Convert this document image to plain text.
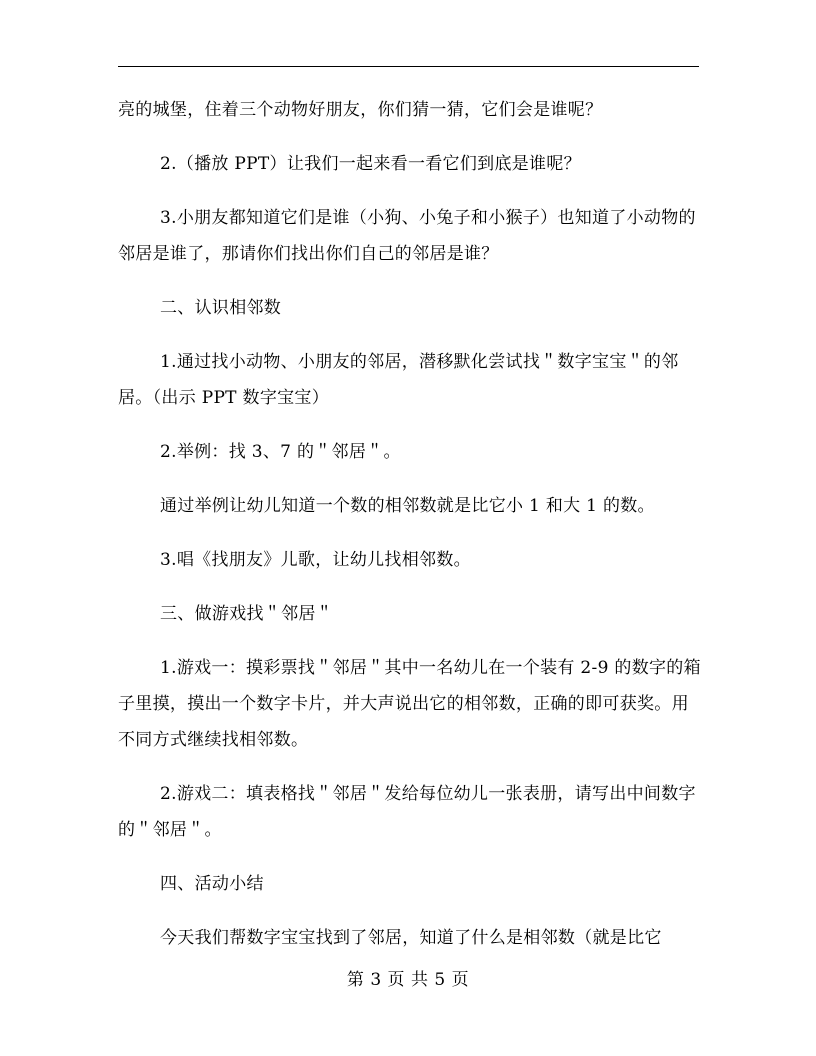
亮的城堡，住着三个动物好朋友，你们猜一猜，它们会是谁呢？

2.（播放 PPT）让我们一起来看一看它们到底是谁呢？

3.小朋友都知道它们是谁（小狗、小兔子和小猴子）也知道了小动物的邻居是谁了，那请你们找出你们自己的邻居是谁？

二、认识相邻数

1.通过找小动物、小朋友的邻居，潜移默化尝试找＂数字宝宝＂的邻居。（出示 PPT 数字宝宝）

2.举例：找 3、7 的＂邻居＂。

通过举例让幼儿知道一个数的相邻数就是比它小 1 和大 1 的数。

3.唱《找朋友》儿歌，让幼儿找相邻数。

三、做游戏找＂邻居＂

1.游戏一：摸彩票找＂邻居＂其中一名幼儿在一个装有 2-9 的数字的箱子里摸，摸出一个数字卡片，并大声说出它的相邻数，正确的即可获奖。用不同方式继续找相邻数。

2.游戏二：填表格找＂邻居＂发给每位幼儿一张表册，请写出中间数字的＂邻居＂。

四、活动小结

今天我们帮数字宝宝找到了邻居，知道了什么是相邻数（就是比它

第 3 页 共 5 页
